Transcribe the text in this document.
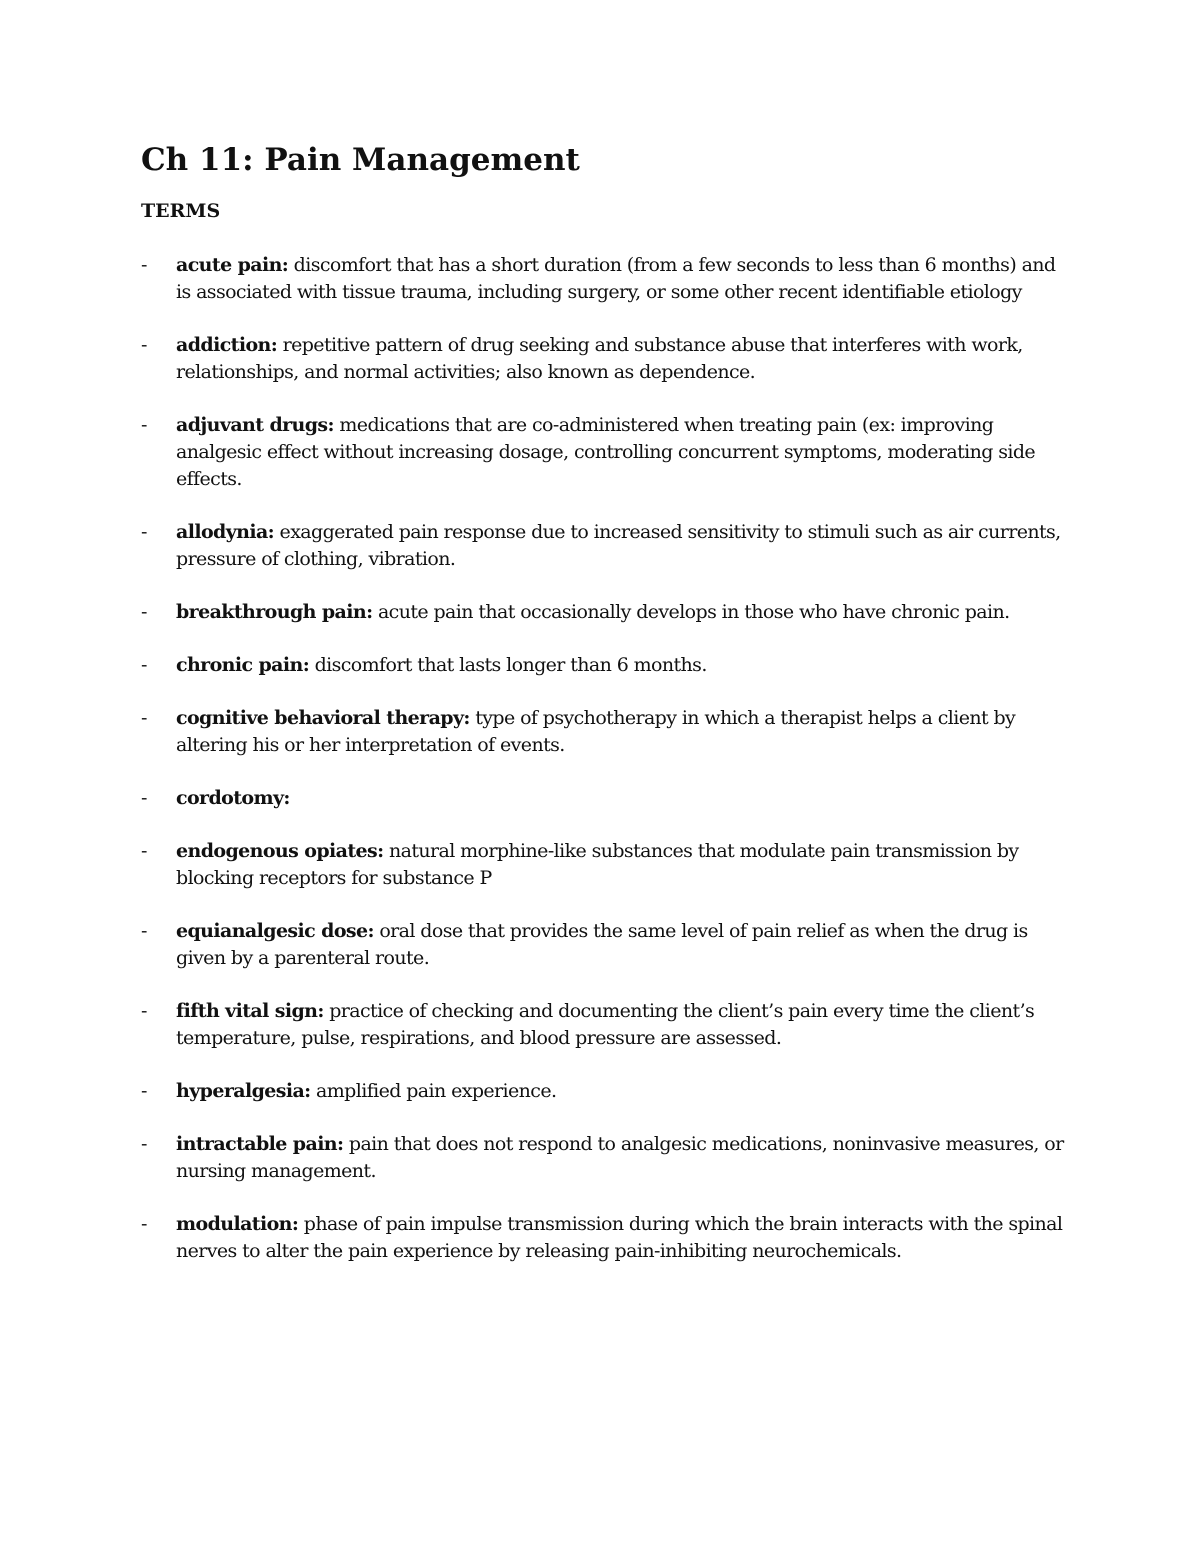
Ch 11: Pain Management
TERMS
- acute pain: discomfort that has a short duration (from a few seconds to less than 6 months) and is associated with tissue trauma, including surgery, or some other recent identifiable etiology
- addiction: repetitive pattern of drug seeking and substance abuse that interferes with work, relationships, and normal activities; also known as dependence.
- adjuvant drugs: medications that are co-administered when treating pain (ex: improving analgesic effect without increasing dosage, controlling concurrent symptoms, moderating side effects.
- allodynia: exaggerated pain response due to increased sensitivity to stimuli such as air currents, pressure of clothing, vibration.
- breakthrough pain: acute pain that occasionally develops in those who have chronic pain.
- chronic pain: discomfort that lasts longer than 6 months.
- cognitive behavioral therapy: type of psychotherapy in which a therapist helps a client by altering his or her interpretation of events.
- cordotomy:
- endogenous opiates: natural morphine-like substances that modulate pain transmission by blocking receptors for substance P
- equianalgesic dose: oral dose that provides the same level of pain relief as when the drug is given by a parenteral route.
- fifth vital sign: practice of checking and documenting the client’s pain every time the client’s temperature, pulse, respirations, and blood pressure are assessed.
- hyperalgesia: amplified pain experience.
- intractable pain: pain that does not respond to analgesic medications, noninvasive measures, or nursing management.
- modulation: phase of pain impulse transmission during which the brain interacts with the spinal nerves to alter the pain experience by releasing pain-inhibiting neurochemicals.
